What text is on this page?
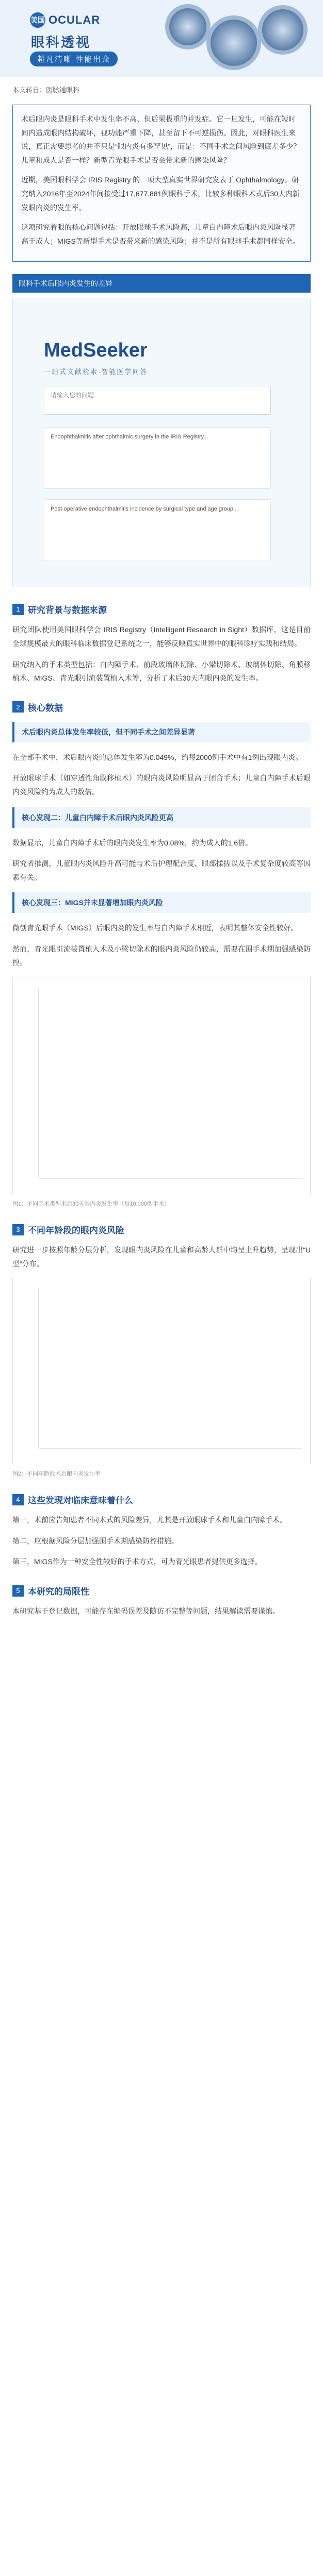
美国 OCULAR
眼科透视
超凡清晰 性能出众
本文转自：医脉通眼科

术后眼内炎是眼科手术中发生率不高、但后果极重的并发症。它一旦发生，可能在短时间内造成眼内结构破坏，视功能严重下降，甚至留下不可逆损伤。因此，对眼科医生来说，真正需要思考的并不只是“眼内炎有多罕见”，而是：不同手术之间风险到底差多少？儿童和成人是否一样？新型青光眼手术是否会带来新的感染风险？

近期，美国眼科学会 IRIS Registry 的一项大型真实世界研究发表于 Ophthalmology。研究纳入2016年至2024年间接受过17,677,881例眼科手术，比较多种眼科术式后30天内新发眼内炎的发生率。

这项研究着眼的核心问题包括：开放眼球手术风险高，儿童白内障术后眼内炎风险显著高于成人；MIGS等新型手术是否带来新的感染风险；并不是所有眼球手术都同样安全。

眼科手术后眼内炎发生的差异
MedSeeker
一站式文献检索·智能医学问答
请输入您的问题
Endophthalmitis after ophthalmic surgery in the IRIS Registry...
Post-operative endophthalmitis incidence by surgical type and age group...
1 研究背景与数据来源
研究团队使用美国眼科学会 IRIS Registry（Intelligent Research in Sight）数据库，这是目前全球规模最大的眼科临床数据登记系统之一，能够反映真实世界中的眼科诊疗实践和结局。
研究纳入的手术类型包括：白内障手术、前段玻璃体切除、小梁切除术、玻璃体切除、角膜移植术、MIGS、青光眼引流装置植入术等，分析了术后30天内眼内炎的发生率。
2 核心数据
术后眼内炎总体发生率较低，但不同手术之间差异显著
在全部手术中，术后眼内炎的总体发生率为0.049%，约每2000例手术中有1例出现眼内炎。
开放眼球手术（如穿透性角膜移植术）的眼内炎风险明显高于闭合手术；儿童白内障手术后眼内炎风险约为成人的数倍。
核心发现二：儿童白内障手术后眼内炎风险更高
数据显示，儿童白内障手术后的眼内炎发生率为0.08%，约为成人的1.6倍。
研究者推测，儿童眼内炎风险升高可能与术后护理配合度、眼部揉搓以及手术复杂度较高等因素有关。
核心发现三：MIGS并未显著增加眼内炎风险
微创青光眼手术（MIGS）后眼内炎的发生率与白内障手术相近，表明其整体安全性较好。
然而，青光眼引流装置植入术及小梁切除术的眼内炎风险仍较高，需要在围手术期加强感染防控。
图1：不同手术类型术后30天眼内炎发生率（每10,000例手术）
3 不同年龄段的眼内炎风险
研究进一步按照年龄分层分析，发现眼内炎风险在儿童和高龄人群中均呈上升趋势，呈现出“U型”分布。
图2：不同年龄段术后眼内炎发生率
4 这些发现对临床意味着什么
第一，术前应告知患者不同术式的风险差异，尤其是开放眼球手术和儿童白内障手术。
第二，应根据风险分层加强围手术期感染防控措施。
第三，MIGS作为一种安全性较好的手术方式，可为青光眼患者提供更多选择。
5 本研究的局限性
本研究基于登记数据，可能存在编码误差及随访不完整等问题，结果解读需要谨慎。
